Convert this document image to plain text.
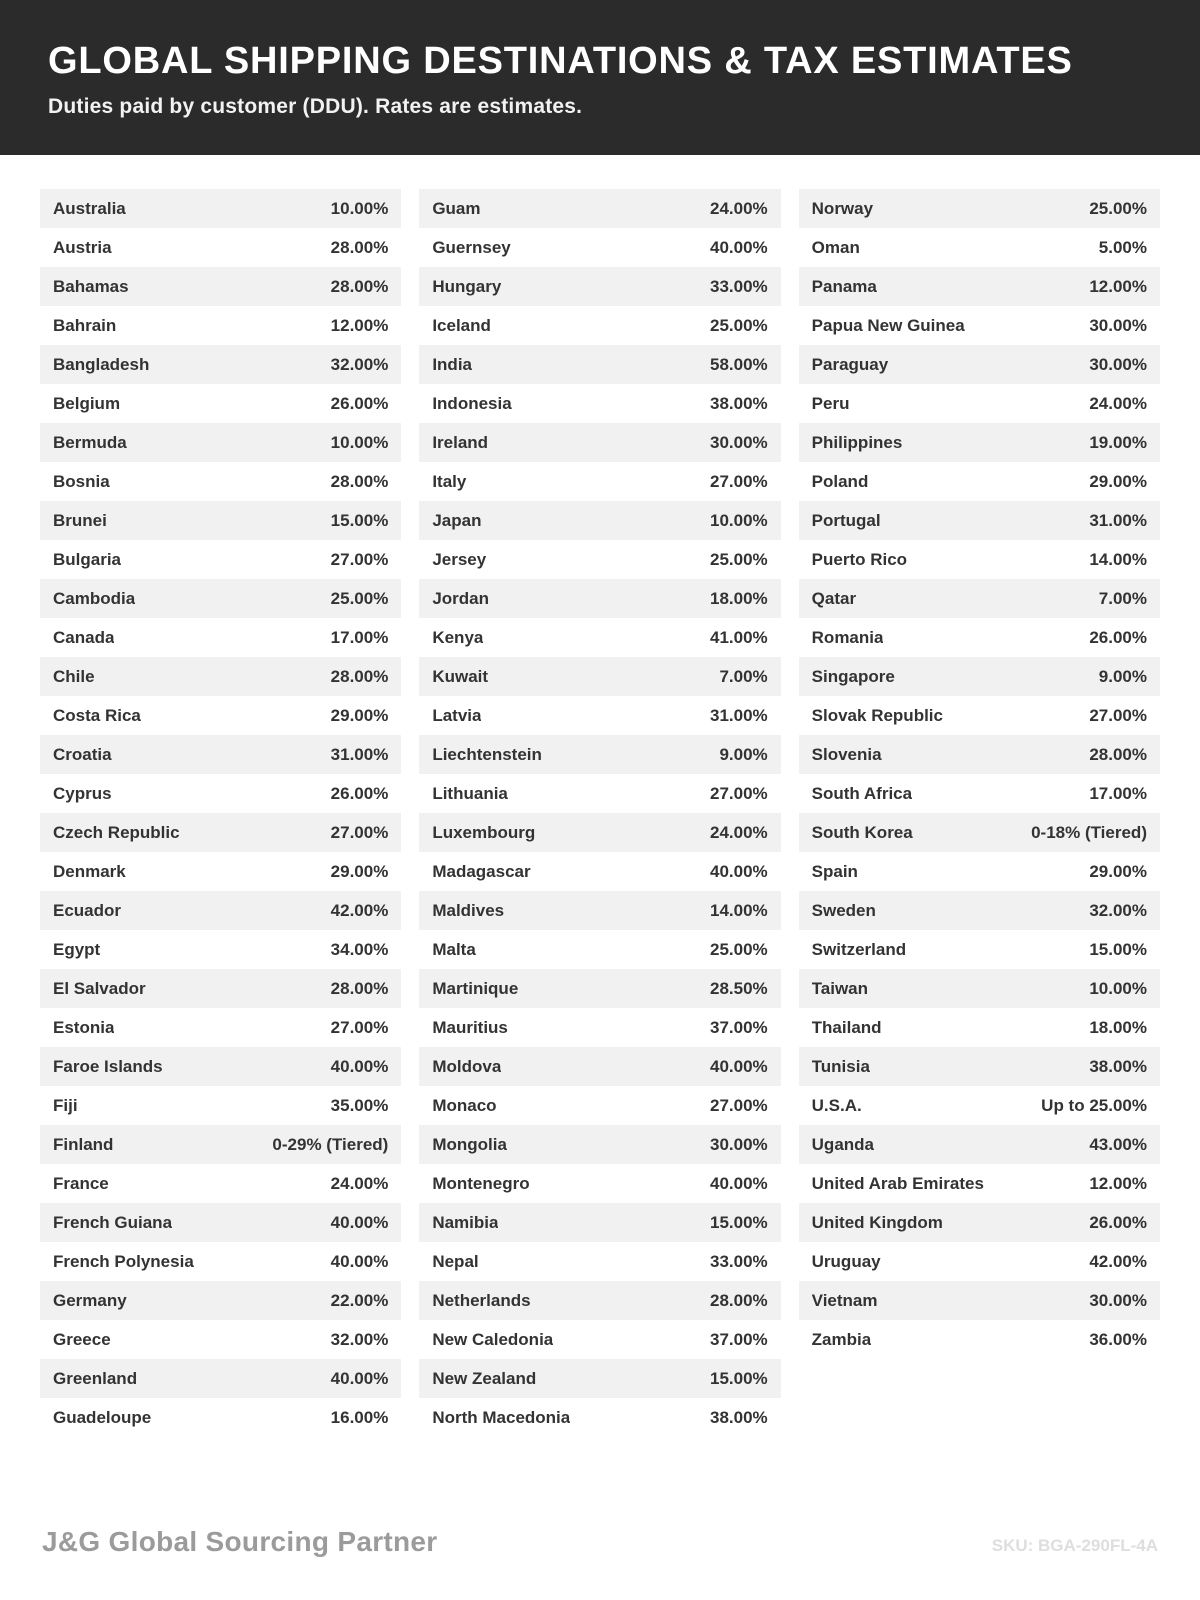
GLOBAL SHIPPING DESTINATIONS & TAX ESTIMATES

Duties paid by customer (DDU). Rates are estimates.

Australia	10.00%
Austria	28.00%
Bahamas	28.00%
Bahrain	12.00%
Bangladesh	32.00%
Belgium	26.00%
Bermuda	10.00%
Bosnia	28.00%
Brunei	15.00%
Bulgaria	27.00%
Cambodia	25.00%
Canada	17.00%
Chile	28.00%
Costa Rica	29.00%
Croatia	31.00%
Cyprus	26.00%
Czech Republic	27.00%
Denmark	29.00%
Ecuador	42.00%
Egypt	34.00%
El Salvador	28.00%
Estonia	27.00%
Faroe Islands	40.00%
Fiji	35.00%
Finland	0-29% (Tiered)
France	24.00%
French Guiana	40.00%
French Polynesia	40.00%
Germany	22.00%
Greece	32.00%
Greenland	40.00%
Guadeloupe	16.00%
Guam	24.00%
Guernsey	40.00%
Hungary	33.00%
Iceland	25.00%
India	58.00%
Indonesia	38.00%
Ireland	30.00%
Italy	27.00%
Japan	10.00%
Jersey	25.00%
Jordan	18.00%
Kenya	41.00%
Kuwait	7.00%
Latvia	31.00%
Liechtenstein	9.00%
Lithuania	27.00%
Luxembourg	24.00%
Madagascar	40.00%
Maldives	14.00%
Malta	25.00%
Martinique	28.50%
Mauritius	37.00%
Moldova	40.00%
Monaco	27.00%
Mongolia	30.00%
Montenegro	40.00%
Namibia	15.00%
Nepal	33.00%
Netherlands	28.00%
New Caledonia	37.00%
New Zealand	15.00%
North Macedonia	38.00%
Norway	25.00%
Oman	5.00%
Panama	12.00%
Papua New Guinea	30.00%
Paraguay	30.00%
Peru	24.00%
Philippines	19.00%
Poland	29.00%
Portugal	31.00%
Puerto Rico	14.00%
Qatar	7.00%
Romania	26.00%
Singapore	9.00%
Slovak Republic	27.00%
Slovenia	28.00%
South Africa	17.00%
South Korea	0-18% (Tiered)
Spain	29.00%
Sweden	32.00%
Switzerland	15.00%
Taiwan	10.00%
Thailand	18.00%
Tunisia	38.00%
U.S.A.	Up to 25.00%
Uganda	43.00%
United Arab Emirates	12.00%
United Kingdom	26.00%
Uruguay	42.00%
Vietnam	30.00%
Zambia	36.00%
J&G Global Sourcing Partner	SKU: BGA-290FL-4A
